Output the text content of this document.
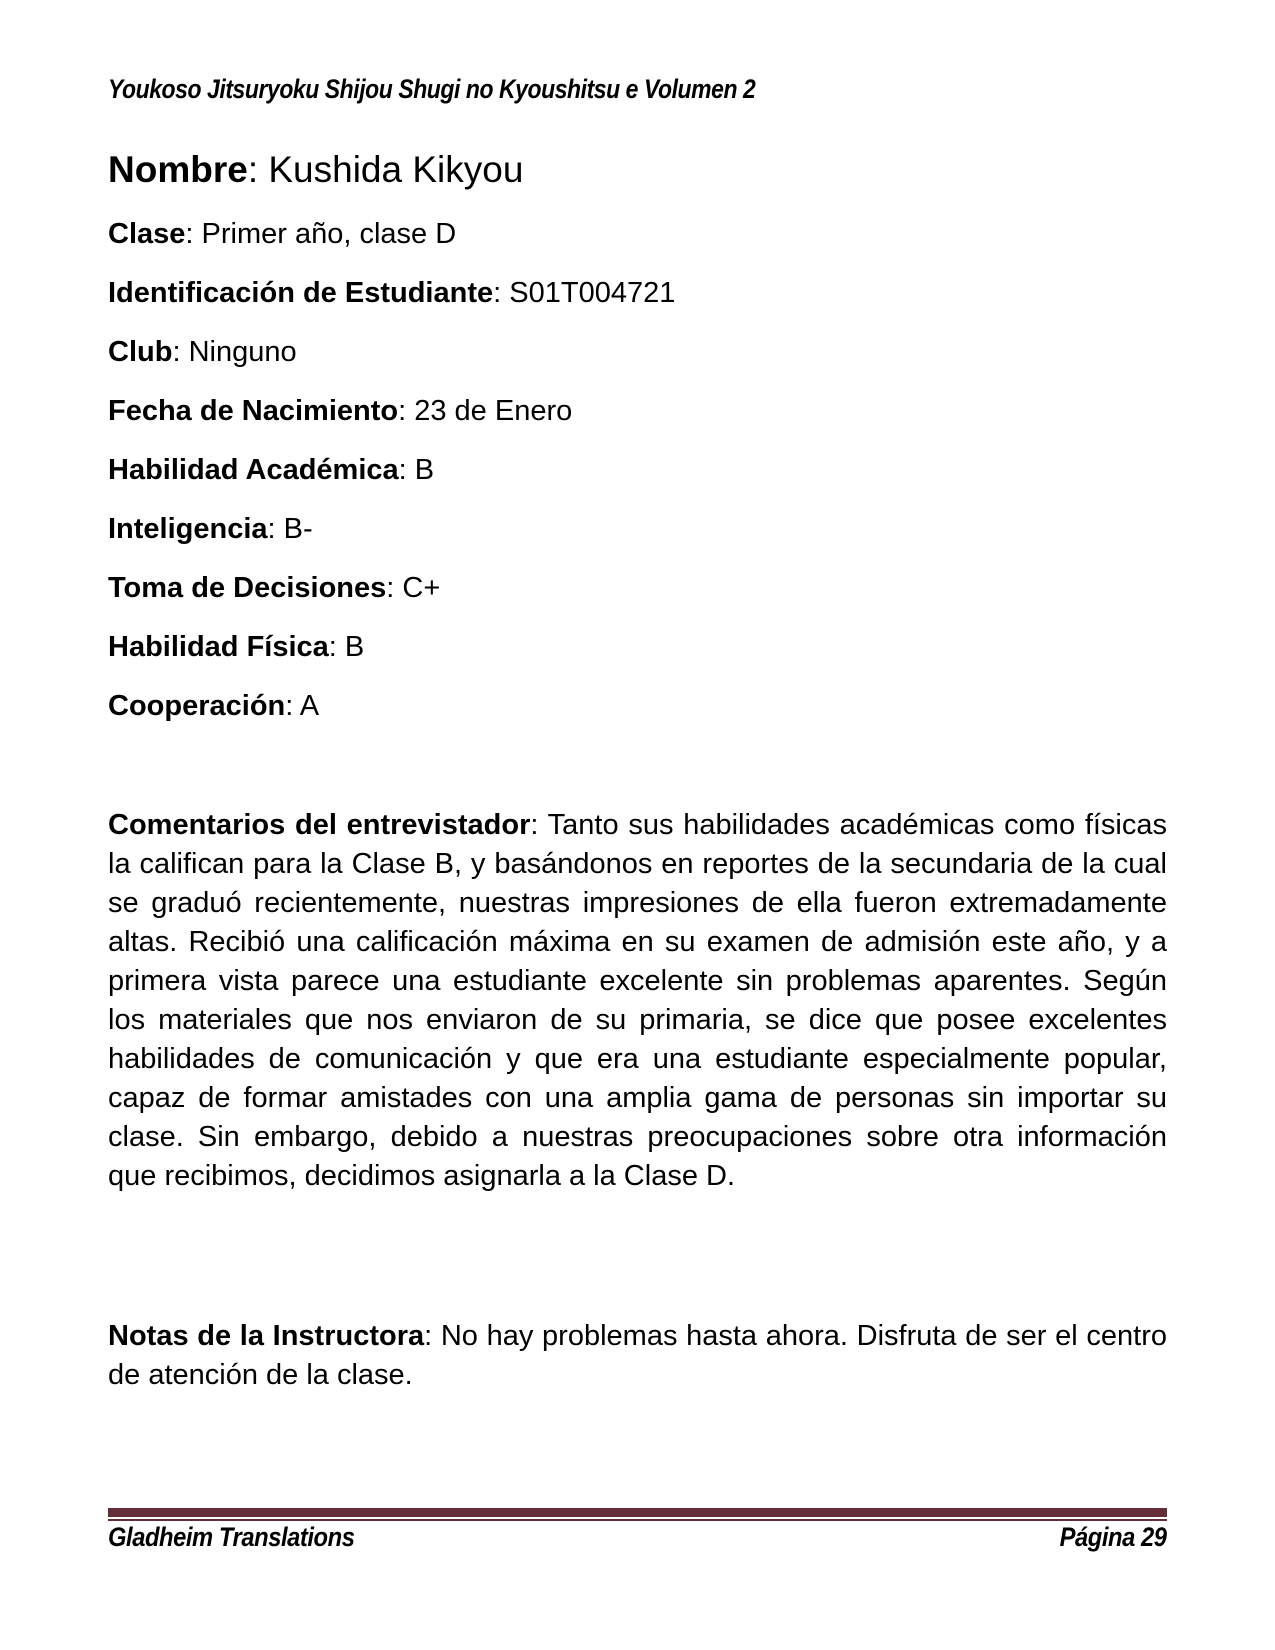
Youkoso Jitsuryoku Shijou Shugi no Kyoushitsu e Volumen 2
Nombre: Kushida Kikyou

Clase: Primer año, clase D

Identificación de Estudiante: S01T004721

Club: Ninguno

Fecha de Nacimiento: 23 de Enero

Habilidad Académica: B

Inteligencia: B-

Toma de Decisiones: C+

Habilidad Física: B

Cooperación: A

Comentarios del entrevistador: Tanto sus habilidades académicas como físicas la califican para la Clase B, y basándonos en reportes de la secundaria de la cual se graduó recientemente, nuestras impresiones de ella fueron extremadamente altas. Recibió una calificación máxima en su examen de admisión este año, y a primera vista parece una estudiante excelente sin problemas aparentes. Según los materiales que nos enviaron de su primaria, se dice que posee excelentes habilidades de comunicación y que era una estudiante especialmente popular, capaz de formar amistades con una amplia gama de personas sin importar su clase. Sin embargo, debido a nuestras preocupaciones sobre otra información que recibimos, decidimos asignarla a la Clase D.

Notas de la Instructora: No hay problemas hasta ahora. Disfruta de ser el centro de atención de la clase.

Gladheim Translations	Página 29
